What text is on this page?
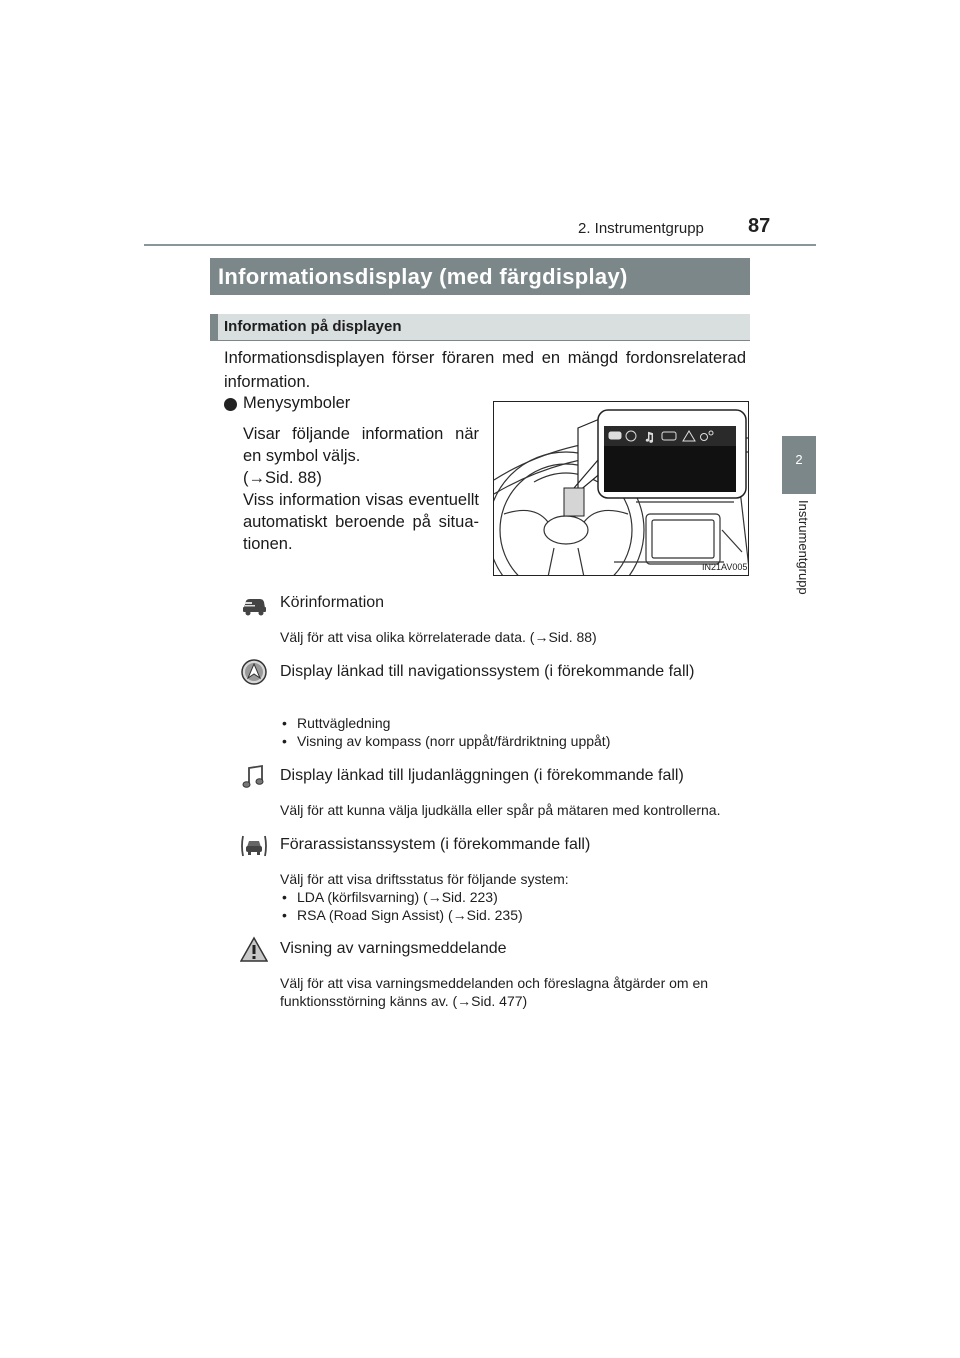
2. Instrumentgrupp 87
2
Instrumentgrupp
Informationsdisplay (med färgdisplay)
Information på displayen
Informationsdisplayen förser föraren med en mängd fordonsrelaterad information.
Menysymboler

Visar följande information när en symbol väljs.

(→Sid. 88)

Viss information visas eventuellt automatiskt beroende på situa-tionen.

♫
IN21AV005
Körinformation
Välj för att visa olika körrelaterade data. (→Sid. 88)
Display länkad till navigationssystem (i förekommande fall)
• Ruttvägledning
• Visning av kompass (norr uppåt/färdriktning uppåt)
Display länkad till ljudanläggningen (i förekommande fall)
Välj för att kunna välja ljudkälla eller spår på mätaren med kontrollerna.
Förarassistanssystem (i förekommande fall)
Välj för att visa driftsstatus för följande system:
• LDA (körfilsvarning) (→Sid. 223)
• RSA (Road Sign Assist) (→Sid. 235)
Visning av varningsmeddelande
Välj för att visa varningsmeddelanden och föreslagna åtgärder om en funktionsstörning känns av. (→Sid. 477)
